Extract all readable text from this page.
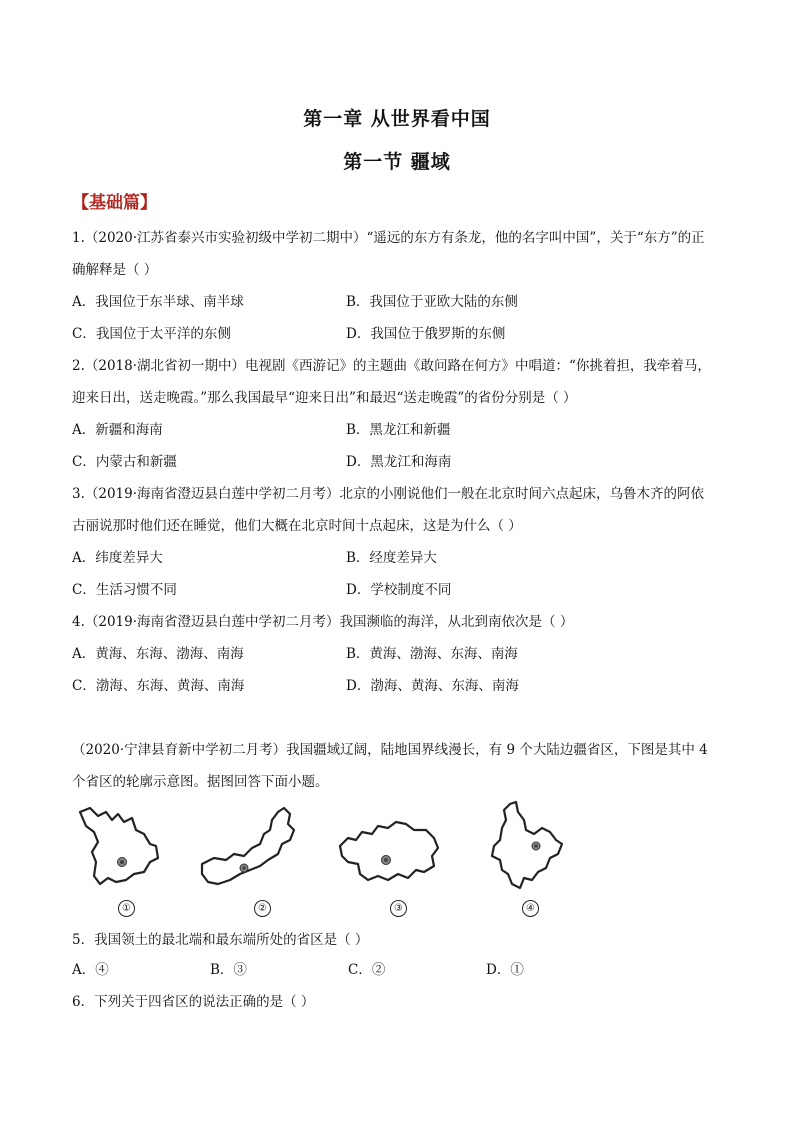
第一章 从世界看中国
第一节 疆域
【基础篇】
1.（2020·江苏省泰兴市实验初级中学初二期中）“遥远的东方有条龙，他的名字叫中国”，关于“东方”的正
确解释是（ ）
A．我国位于东半球、南半球	B．我国位于亚欧大陆的东侧
C．我国位于太平洋的东侧	D．我国位于俄罗斯的东侧
2.（2018·湖北省初一期中）电视剧《西游记》的主题曲《敢问路在何方》中唱道：“你挑着担，我牵着马，
迎来日出，送走晚霞。”那么我国最早“迎来日出”和最迟“送走晚霞”的省份分别是（ ）
A．新疆和海南	B．黑龙江和新疆
C．内蒙古和新疆	D．黑龙江和海南
3.（2019·海南省澄迈县白莲中学初二月考）北京的小刚说他们一般在北京时间六点起床，乌鲁木齐的阿依
古丽说那时他们还在睡觉，他们大概在北京时间十点起床，这是为什么（ ）
A．纬度差异大	B．经度差异大
C．生活习惯不同	D．学校制度不同
4.（2019·海南省澄迈县白莲中学初二月考）我国濒临的海洋，从北到南依次是（ ）
A．黄海、东海、渤海、南海	B．黄海、渤海、东海、南海
C．渤海、东海、黄海、南海	D．渤海、黄海、东海、南海
（2020·宁津县育新中学初二月考）我国疆域辽阔，陆地国界线漫长，有 9 个大陆边疆省区，下图是其中 4
个省区的轮廓示意图。据图回答下面小题。
①	②	③	④
5．我国领土的最北端和最东端所处的省区是（ ）
A．④	B．③	C．②	D．①
6．下列关于四省区的说法正确的是（ ）
